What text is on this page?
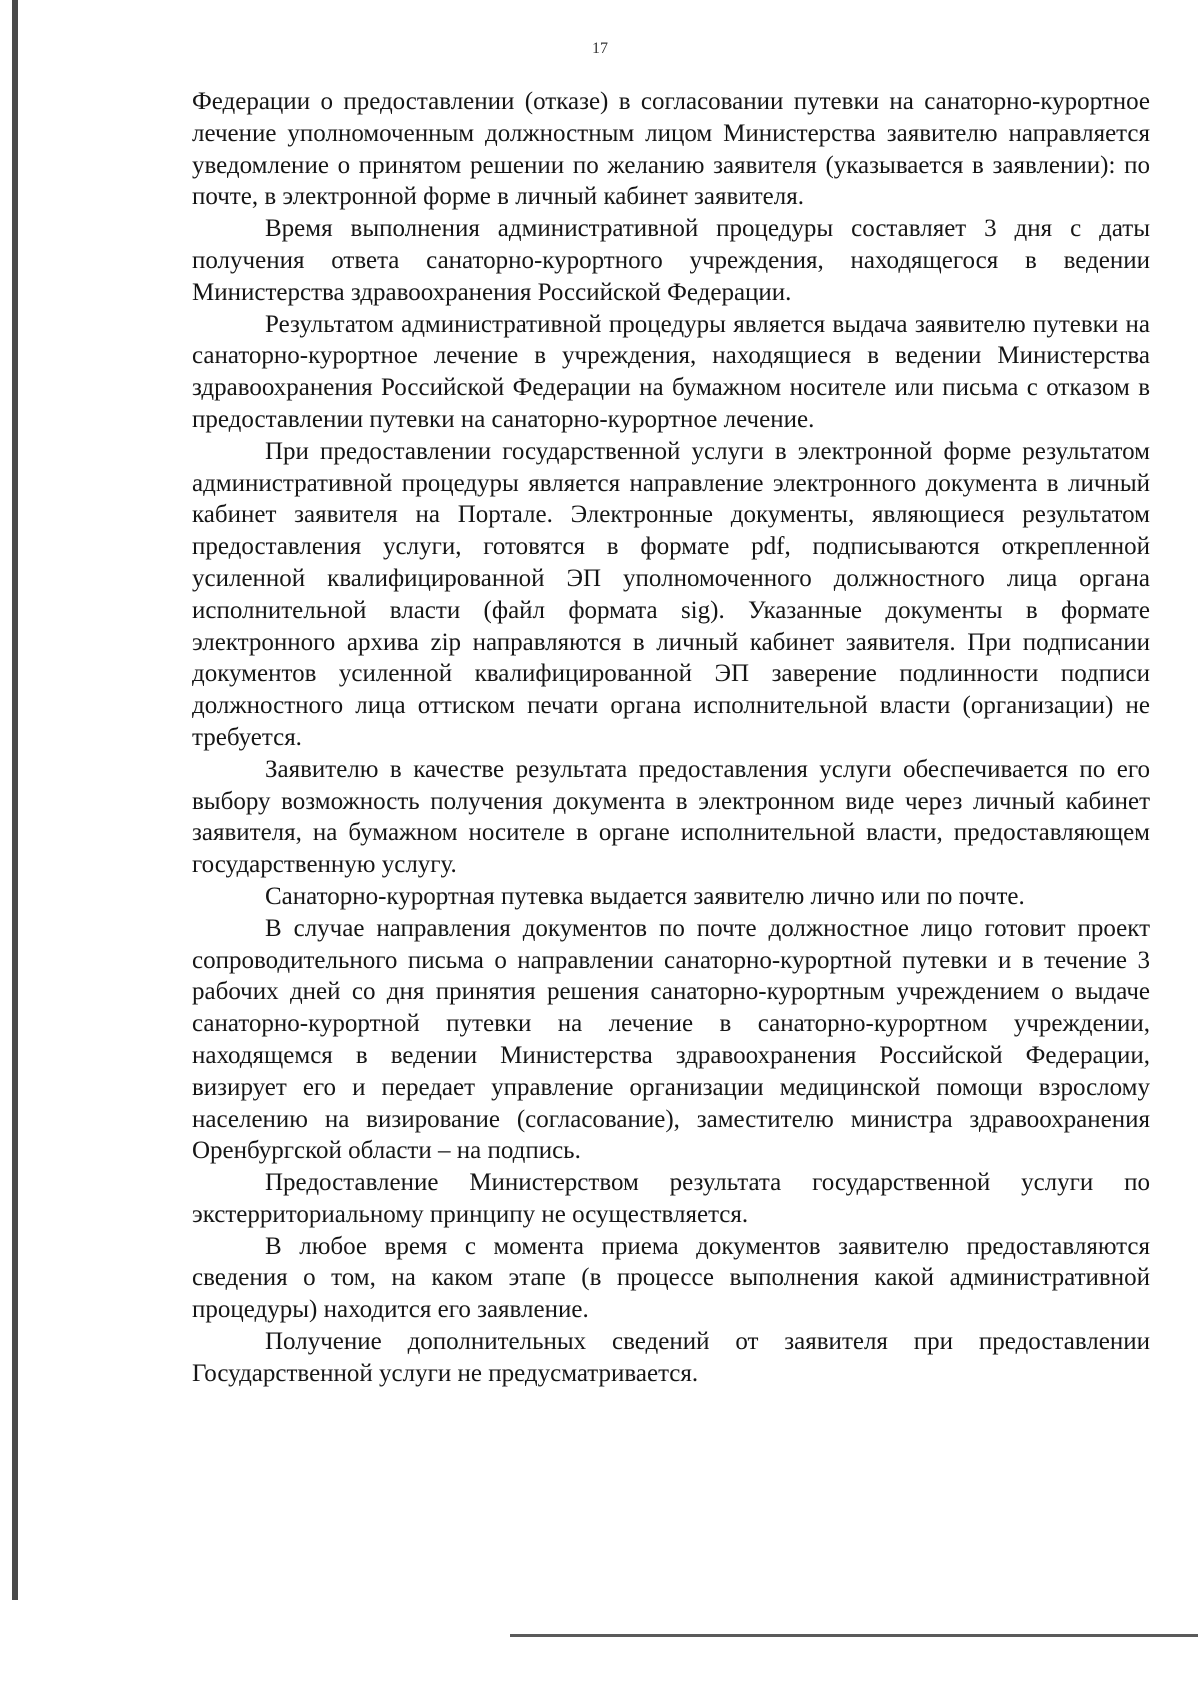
17

Федерации о предоставлении (отказе) в согласовании путевки на санаторно-курортное лечение уполномоченным должностным лицом Министерства заявителю направляется уведомление о принятом решении по желанию заявителя (указывается в заявлении): по почте, в электронной форме в личный кабинет заявителя.

Время выполнения административной процедуры составляет 3 дня с даты получения ответа санаторно-курортного учреждения, находящегося в ведении Министерства здравоохранения Российской Федерации.

Результатом административной процедуры является выдача заявителю путевки на санаторно-курортное лечение в учреждения, находящиеся в ведении Министерства здравоохранения Российской Федерации на бумажном носителе или письма с отказом в предоставлении путевки на санаторно-курортное лечение.

При предоставлении государственной услуги в электронной форме результатом административной процедуры является направление электронного документа в личный кабинет заявителя на Портале. Электронные документы, являющиеся результатом предоставления услуги, готовятся в формате pdf, подписываются открепленной усиленной квалифицированной ЭП уполномоченного должностного лица органа исполнительной власти (файл формата sig). Указанные документы в формате электронного архива zip направляются в личный кабинет заявителя. При подписании документов усиленной квалифицированной ЭП заверение подлинности подписи должностного лица оттиском печати органа исполнительной власти (организации) не требуется.

Заявителю в качестве результата предоставления услуги обеспечивается по его выбору возможность получения документа в электронном виде через личный кабинет заявителя, на бумажном носителе в органе исполнительной власти, предоставляющем государственную услугу.

Санаторно-курортная путевка выдается заявителю лично или по почте.

В случае направления документов по почте должностное лицо готовит проект сопроводительного письма о направлении санаторно-курортной путевки и в течение 3 рабочих дней со дня принятия решения санаторно-курортным учреждением о выдаче санаторно-курортной путевки на лечение в санаторно-курортном учреждении, находящемся в ведении Министерства здравоохранения Российской Федерации, визирует его и передает управление организации медицинской помощи взрослому населению на визирование (согласование), заместителю министра здравоохранения Оренбургской области – на подпись.

Предоставление Министерством результата государственной услуги по экстерриториальному принципу не осуществляется.

В любое время с момента приема документов заявителю предоставляются сведения о том, на каком этапе (в процессе выполнения какой административной процедуры) находится его заявление.

Получение дополнительных сведений от заявителя при предоставлении Государственной услуги не предусматривается.
